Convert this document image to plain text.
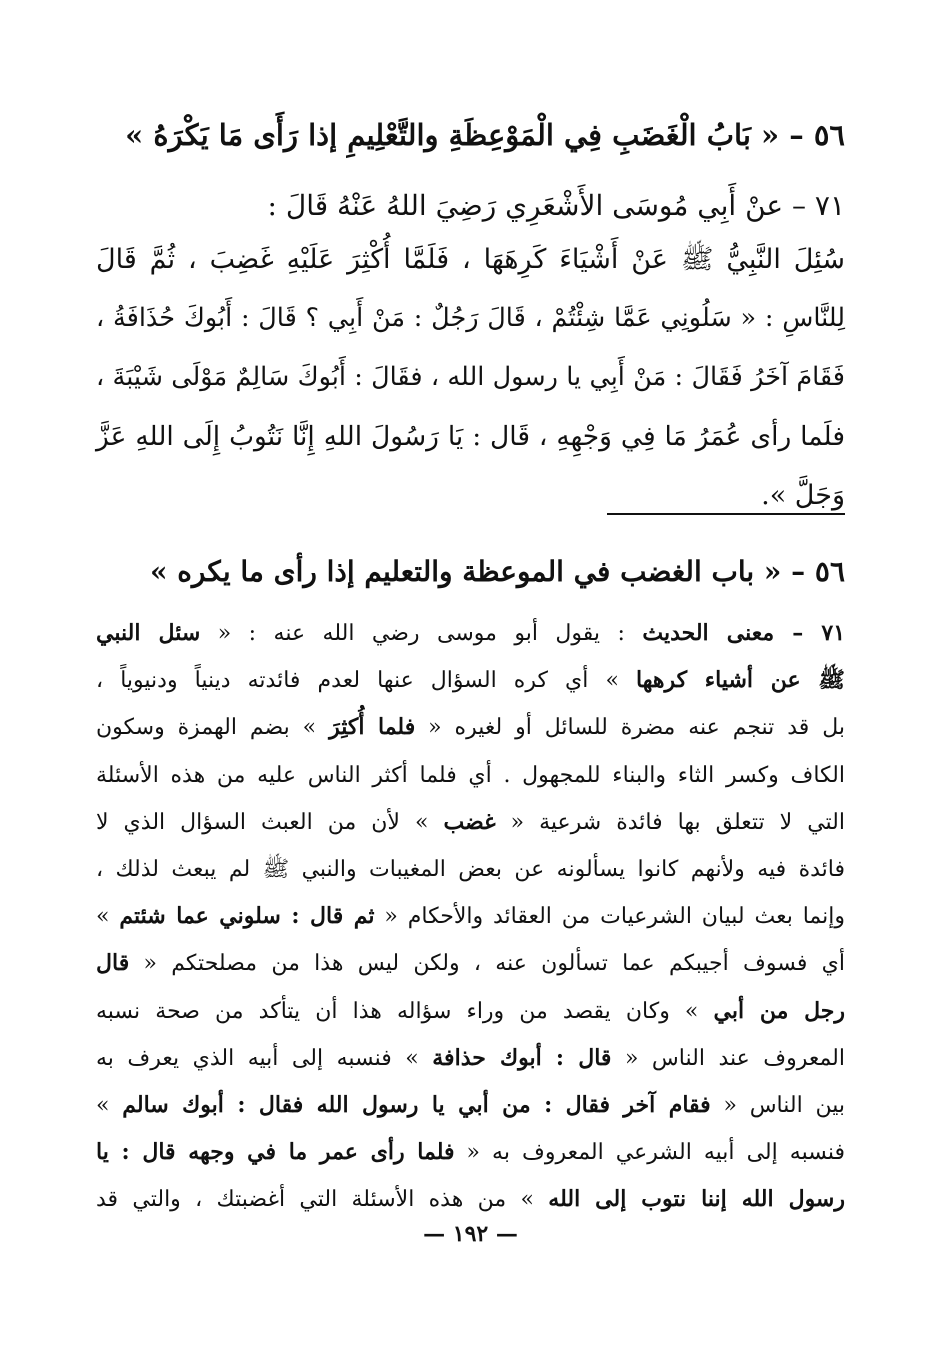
٥٦ – « بَابُ الْغَضَبِ فِي الْمَوْعِظَةِ والتَّعْلِيمِ إذا رَأَى مَا يَكْرَهُ »
٧١ – عنْ أَبِي مُوسَى الأَشْعَرِي رَضِيَ اللهُ عَنْهُ قَالَ :
سُئِلَ النَّبِيُّ ﷺ عَنْ أَشْيَاءَ كَرِهَهَا ، فَلَمَّا أُكْثِرَ عَلَيْهِ غَضِبَ ، ثُمَّ قَالَ
لِلنَّاسِ : « سَلُونِي عَمَّا شِئْتُمْ ، قَالَ رَجُلٌ : مَنْ أَبِي ؟ قَالَ : أَبُوكَ حُذَافَةُ ،
فَقَامَ آخَرُ فَقَالَ : مَنْ أَبِي يا رسول الله ، فقَالَ : أَبُوكَ سَالِمٌ مَوْلَى شَيْبَةَ ،
فلَما رأى عُمَرُ مَا فِي وَجْهِهِ ، قَال : يَا رَسُولَ اللهِ إِنَّا نَتُوبُ إِلَى اللهِ عَزَّ
وَجَلَّ ».
٥٦ – « باب الغضب في الموعظة والتعليم إذا رأى ما يكره »
٧١ – معنى الحديث : يقول أبو موسى رضي الله عنه : « سئل النبي
ﷺ عن أشياء كرهها » أي كره السؤال عنها لعدم فائدته دينياً ودنيوياً ،
بل قد تنجم عنه مضرة للسائل أو لغيره « فلما أُكثِرَ » بضم الهمزة وسكون
الكاف وكسر الثاء والبناء للمجهول . أي فلما أكثر الناس عليه من هذه الأسئلة
التي لا تتعلق بها فائدة شرعية « غضب » لأن من العبث السؤال الذي لا
فائدة فيه ولأنهم كانوا يسألونه عن بعض المغيبات والنبي ﷺ لم يبعث لذلك ،
وإنما بعث لبيان الشرعيات من العقائد والأحكام « ثم قال : سلوني عما شئتم »
أي فسوف أجيبكم عما تسألون عنه ، ولكن ليس هذا من مصلحتكم « قال
رجل من أبي » وكان يقصد من وراء سؤاله هذا أن يتأكد من صحة نسبه
المعروف عند الناس « قال : أبوك حذافة » فنسبه إلى أبيه الذي يعرف به
بين الناس « فقام آخر فقال : من أبي يا رسول الله فقال : أبوك سالم »
فنسبه إلى أبيه الشرعي المعروف به « فلما رأى عمر ما في وجهه قال : يا
رسول الله إننا نتوب إلى الله » من هذه الأسئلة التي أغضبتك ، والتي قد
— ١٩٢ —
